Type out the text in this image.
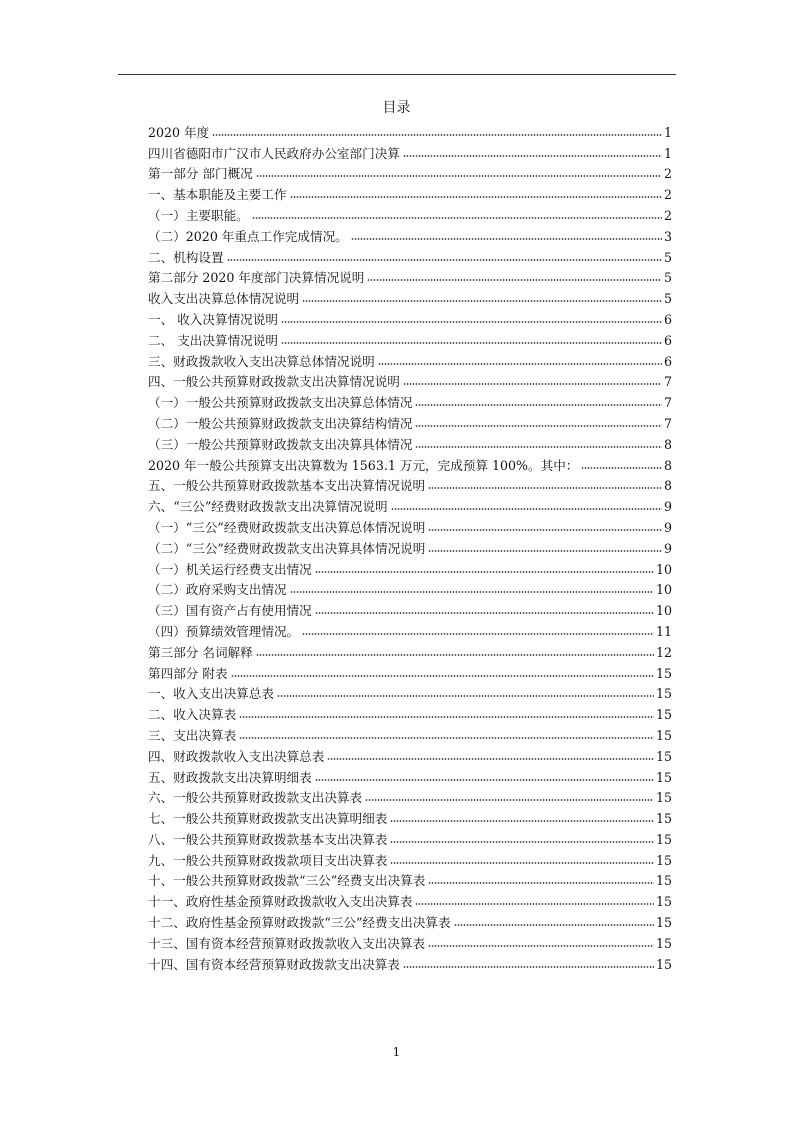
目录
2020 年度	1
四川省德阳市广汉市人民政府办公室部门决算	1
第一部分 部门概况	2
一、基本职能及主要工作	2
（一）主要职能。	2
（二）2020 年重点工作完成情况。	3
二、机构设置	5
第二部分 2020 年度部门决算情况说明	5
收入支出决算总体情况说明	5
一、 收入决算情况说明	6
二、 支出决算情况说明	6
三、财政拨款收入支出决算总体情况说明	6
四、一般公共预算财政拨款支出决算情况说明	7
（一）一般公共预算财政拨款支出决算总体情况	7
（二）一般公共预算财政拨款支出决算结构情况	7
（三）一般公共预算财政拨款支出决算具体情况	8
2020 年一般公共预算支出决算数为 1563.1 万元，完成预算 100%。其中：	8
五、一般公共预算财政拨款基本支出决算情况说明	8
六、“三公”经费财政拨款支出决算情况说明	9
（一）“三公”经费财政拨款支出决算总体情况说明	9
（二）“三公”经费财政拨款支出决算具体情况说明	9
（一）机关运行经费支出情况	10
（二）政府采购支出情况	10
（三）国有资产占有使用情况	10
（四）预算绩效管理情况。	11
第三部分 名词解释	12
第四部分 附表	15
一、收入支出决算总表	15
二、收入决算表	15
三、支出决算表	15
四、财政拨款收入支出决算总表	15
五、财政拨款支出决算明细表	15
六、一般公共预算财政拨款支出决算表	15
七、一般公共预算财政拨款支出决算明细表	15
八、一般公共预算财政拨款基本支出决算表	15
九、一般公共预算财政拨款项目支出决算表	15
十、一般公共预算财政拨款“三公”经费支出决算表	15
十一、政府性基金预算财政拨款收入支出决算表	15
十二、政府性基金预算财政拨款“三公”经费支出决算表	15
十三、国有资本经营预算财政拨款收入支出决算表	15
十四、国有资本经营预算财政拨款支出决算表	15
1
